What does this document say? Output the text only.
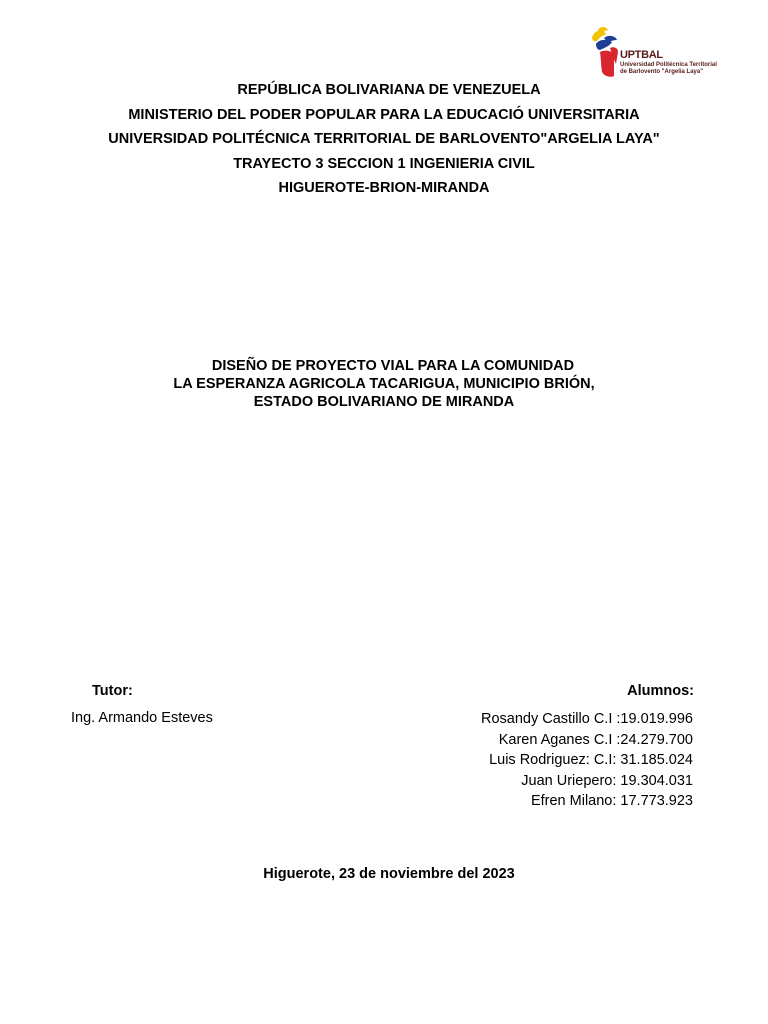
UPTBAL
Universidad Politécnica Territorial
de Barlovento "Argelia Laya"
REPÚBLICA BOLIVARIANA DE VENEZUELA
MINISTERIO DEL PODER POPULAR PARA LA EDUCACIÓ UNIVERSITARIA
UNIVERSIDAD POLITÉCNICA TERRITORIAL DE BARLOVENTO"ARGELIA LAYA"
TRAYECTO 3 SECCION 1 INGENIERIA CIVIL
HIGUEROTE-BRION-MIRANDA
DISEÑO DE PROYECTO VIAL PARA LA COMUNIDAD
LA ESPERANZA AGRICOLA TACARIGUA, MUNICIPIO BRIÓN,
ESTADO BOLIVARIANO DE MIRANDA
Tutor:
Ing. Armando Esteves
Alumnos:
Rosandy Castillo C.I :19.019.996
Karen Aganes C.I :24.279.700
Luis Rodriguez: C.I: 31.185.024
Juan Uriepero: 19.304.031
Efren Milano: 17.773.923
Higuerote, 23 de noviembre del 2023
